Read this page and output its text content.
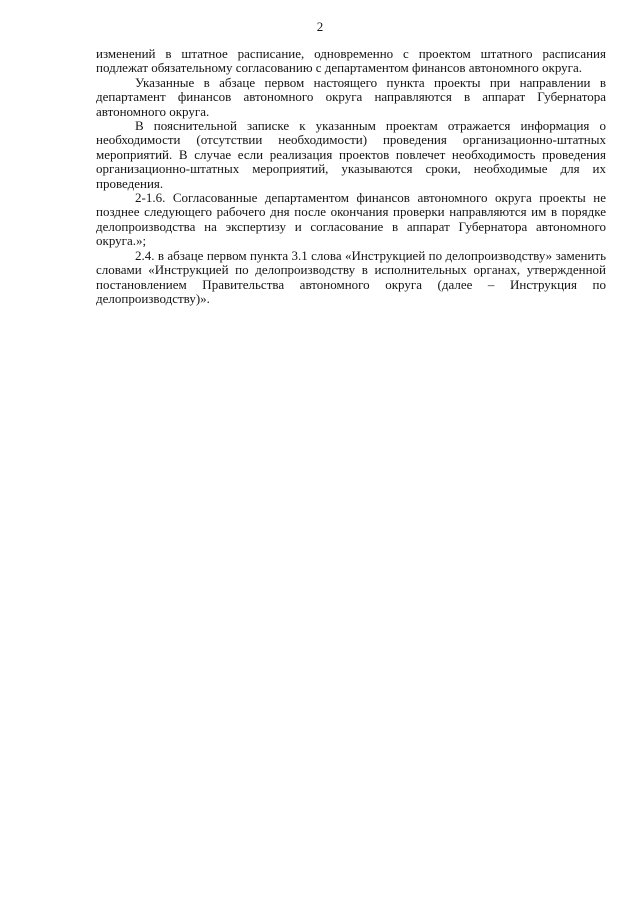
2

изменений в штатное расписание, одновременно с проектом штатного расписания подлежат обязательному согласованию с департаментом финансов автономного округа.

Указанные в абзаце первом настоящего пункта проекты при направлении в департамент финансов автономного округа направляются в аппарат Губернатора автономного округа.

В пояснительной записке к указанным проектам отражается информация о необходимости (отсутствии необходимости) проведения организационно-штатных мероприятий. В случае если реализация проектов повлечет необходимость проведения организационно-штатных мероприятий, указываются сроки, необходимые для их проведения.

2-1.6. Согласованные департаментом финансов автономного округа проекты не позднее следующего рабочего дня после окончания проверки направляются им в порядке делопроизводства на экспертизу и согласование в аппарат Губернатора автономного округа.»;

2.4. в абзаце первом пункта 3.1 слова «Инструкцией по делопроизводству» заменить словами «Инструкцией по делопроизводству в исполнительных органах, утвержденной постановлением Правительства автономного округа (далее – Инструкция по делопроизводству)».
